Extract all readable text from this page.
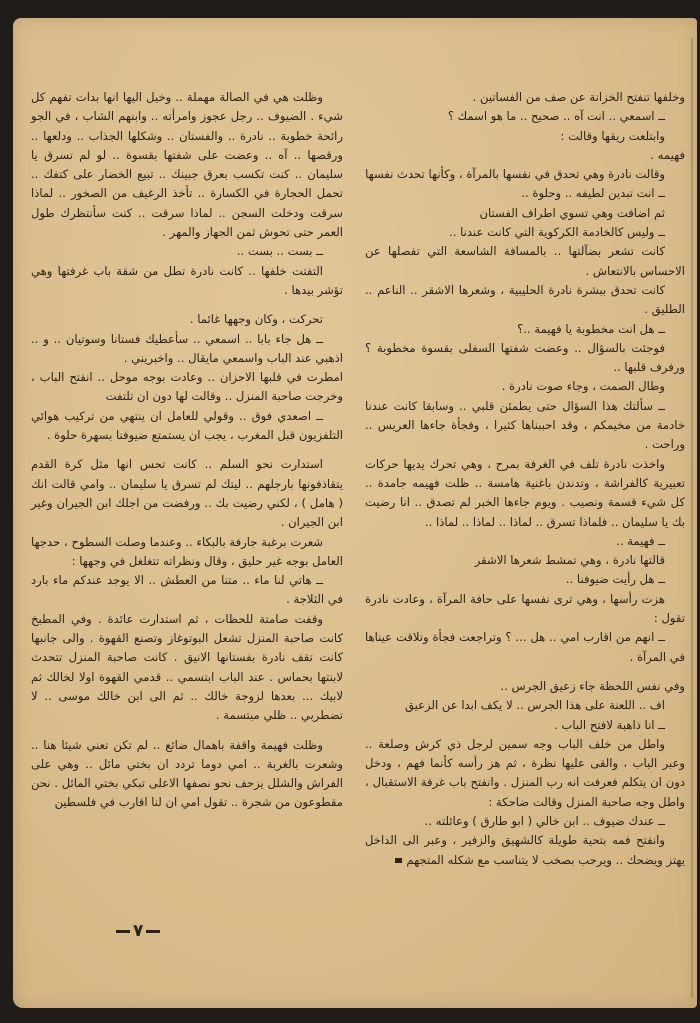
وخلفها تنفتح الخزانة عن صف من الفساتين .

ــ اسمعي .. انت آه .. صحيح .. ما هو اسمك ؟

وابتلعت ريقها وقالت :

فهيمه .

وقالت نادرة وهي تحدق في نفسها بالمرآة ، وكأنها تحدث نفسها

ــ انت تبدين لطيفه .. وحلوة ..

ثم اضافت وهي تسوي اطراف الفستان

ــ وليس كالخادمة الكركوية التي كانت عندنا ..

كانت تشعر بضآلتها .. بالمسافة الشاسعة التي تفصلها عن الاحساس بالانتعاش .

كانت تحدق ببشرة نادرة الحليبية ، وشعرها الاشقر .. الناعم .. الطليق .

ــ هل انت مخطوبة يا فهيمة ..؟

فوجئت بالسؤال .. وعضت شفتها السفلى بقسوة مخطوبة ؟ ورفرف قلبها ..

وطال الصمت ، وجاء صوت نادرة .

ــ سألتك هذا السؤال حتى يطمئن قلبي .. وسابقا كانت عندنا خادمة من مخيمكم ، وقد احببناها كثيرا ، وفجأة جاءها العريس .. وراحت .

واخذت نادرة تلف في الغرفة بمرح ، وهي تحرك يديها حركات تعبيرية كالفراشة ، وتدندن باغنية هامسة .. ظلت فهيمه جامدة .. كل شيء قسمة ونصيب . ويوم جاءها الخبر لم تصدق .. انا رضيت بك يا سليمان .. فلماذا تسرق .. لماذا .. لماذا .. لماذا ..

ــ فهيمة ..

قالتها نادرة ، وهي تمشط شعرها الاشقر

ــ هل رأيت ضيوفنا ..

هزت رأسها ، وهي ترى نفسها على حافة المرآة ، وعادت نادرة تقول :

ــ انهم من اقارب امي .. هل ... ؟ وتراجعت فجأة وتلاقت عيناها في المرآة .

وفي نفس اللحظة جاء زعيق الجرس ..

اف .. اللعنة على هذا الجرس .. لا يكف ابدا عن الزعيق

ــ انا ذاهبة لافتح الباب .

واطل من خلف الباب وجه سمين لرجل ذي كرش وصلعة .. وعبر الباب ، والقى عليها نظرة ، ثم هز رأسه كأنما فهم ، ودخل دون ان يتكلم فعرفت انه رب المنزل . وانفتح باب غرفة الاستقبال ، واطل وجه صاحبة المنزل وقالت ضاحكة :

ــ عندك ضيوف .. ابن خالي ( ابو طارق ) وعائلته ..

وانفتح فمه بتحية طويلة كالشهيق والزفير ، وعبر الى الداخل يهتز ويضحك .. ويرحب بصخب لا يتناسب مع شكله المتجهم

وظلت هي في الصالة مهملة .. وخيل اليها انها بدات تفهم كل شيء . الضيوف .. رجل عجوز وامرأته .. وابنهم الشاب ، في الجو رائحة خطوبة .. نادرة .. والفستان .. وشكلها الجذاب .. ودلعها .. ورقصها .. آه .. وعضت على شفتها بقسوة .. لو لم تسرق يا سليمان .. كنت تكسب بعرق جبينك .. تبيع الخضار على كتفك .. تحمل الحجارة في الكسارة .. تأخذ الرغيف من الصخور .. لماذا سرقت ودخلت السجن .. لماذا سرقت .. كنت سأنتظرك طول العمر حتى تحوش ثمن الجهاز والمهر .

ــ بست .. بست ..

التفتت خلفها .. كانت نادرة تطل من شقة باب غرفتها وهي تؤشر بيدها .

تحركت ، وكان وجهها غائما .

ــ هل جاء بابا .. اسمعي .. سأعطيك فستانا وسوتيان .. و .. اذهبي عند الباب واسمعي مايقال .. واخبريني .

امطرت في قلبها الاحزان .. وعادت بوجه موحل .. انفتح الباب ، وخرجت صاحبة المنزل .. وقالت لها دون ان تلتفت

ــ اصعدي فوق .. وقولي للعامل ان ينتهي من تركيب هوائي التلفزيون قبل المغرب ، يجب ان يستمتع ضيوفنا بسهرة حلوة .

استدارت نحو السلم .. كانت تحس انها مثل كرة القدم يتقاذفونها بارجلهم .. ليتك لم تسرق يا سليمان .. وامي قالت انك ( هامل ) ، لكني رضيت بك .. ورفضت من اجلك ابن الجيران وغير ابن الجيران .

شعرت برغبة جارفة بالبكاء .. وعندما وصلت السطوح ، حدجها العامل بوجه غير حليق ، وقال ونظراته تتغلغل في وجهها :

ــ هاتي لنا ماء .. متنا من العطش .. الا يوجد عندكم ماء بارد في الثلاجة .

وقفت صامتة للحظات ، ثم استدارت عائدة . وفي المطبخ كانت صاحبة المنزل تشعل البوتوغاز وتصنع القهوة . والى جانبها كانت تقف نادرة بفستانها الانيق . كانت صاحبة المنزل تتحدث لابنتها بحماس . عند الباب ابتسمي .. قدمي القهوة اولا لخالك ثم لابيك ... بعدها لزوجة خالك .. ثم الى ابن خالك موسى .. لا تضطربي .. ظلي مبتسمة .

وظلت فهيمة واقفة باهمال ضائع .. لم تكن تعني شيئا هنا .. وشعرت بالغربة .. امي دوما تردد ان بختي مائل .. وهي على الفراش والشلل يزحف نحو نصفها الاعلى تبكي بختي المائل . نحن مقطوعون من شجرة .. تقول امي ان لنا اقارب في فلسطين

٧
